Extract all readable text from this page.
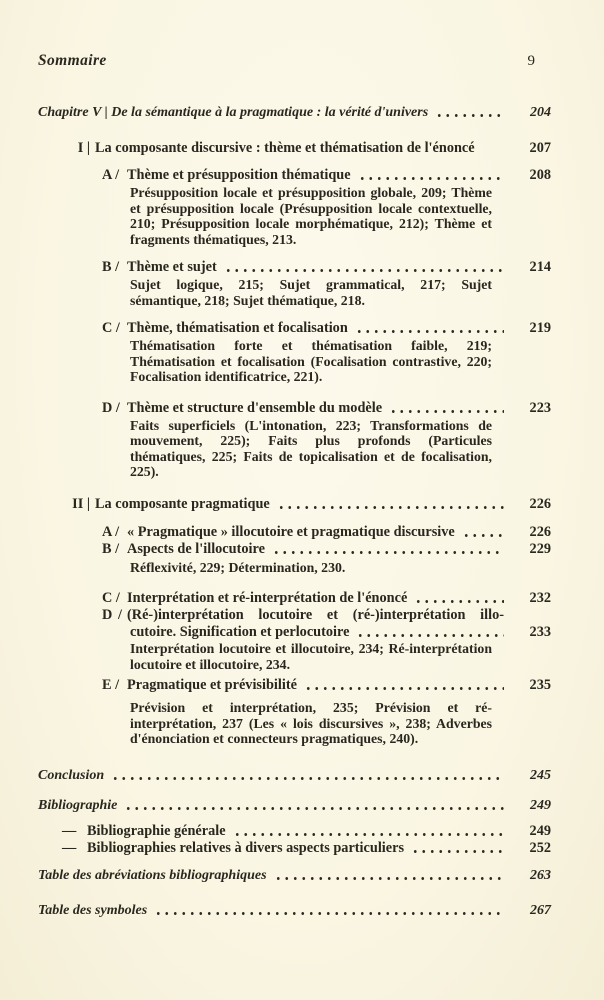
Sommaire	9
Chapitre V | De la sémantique à la pragmatique : la vérité d'univers	204
I | La composante discursive : thème et thématisation de l'énoncé	207
A / Thème et présupposition thématique	208
Présupposition locale et présupposition globale, 209; Thème et présupposition locale (Présupposition locale contextuelle, 210; Présupposition locale morphématique, 212); Thème et fragments thématiques, 213.
B / Thème et sujet	214
Sujet logique, 215; Sujet grammatical, 217; Sujet sémantique, 218; Sujet thématique, 218.
C / Thème, thématisation et focalisation	219
Thématisation forte et thématisation faible, 219; Thématisation et focalisation (Focalisation contrastive, 220; Focalisation identificatrice, 221).
D / Thème et structure d'ensemble du modèle	223
Faits superficiels (L'intonation, 223; Transformations de mouvement, 225); Faits plus profonds (Particules thématiques, 225; Faits de topicalisation et de focalisation, 225).
II | La composante pragmatique	226
A / « Pragmatique » illocutoire et pragmatique discursive	226
B / Aspects de l'illocutoire	229
Réflexivité, 229; Détermination, 230.
C / Interprétation et ré-interprétation de l'énoncé	232
D / (Ré-)interprétation locutoire et (ré-)interprétation illo-
cutoire. Signification et perlocutoire	233
Interprétation locutoire et illocutoire, 234; Ré-interprétation locutoire et illocutoire, 234.
E / Pragmatique et prévisibilité	235
Prévision et interprétation, 235; Prévision et ré-interprétation, 237 (Les « lois discursives », 238; Adverbes d'énonciation et connecteurs pragmatiques, 240).
Conclusion	245
Bibliographie	249
— Bibliographie générale	249
— Bibliographies relatives à divers aspects particuliers	252
Table des abréviations bibliographiques	263
Table des symboles	267
